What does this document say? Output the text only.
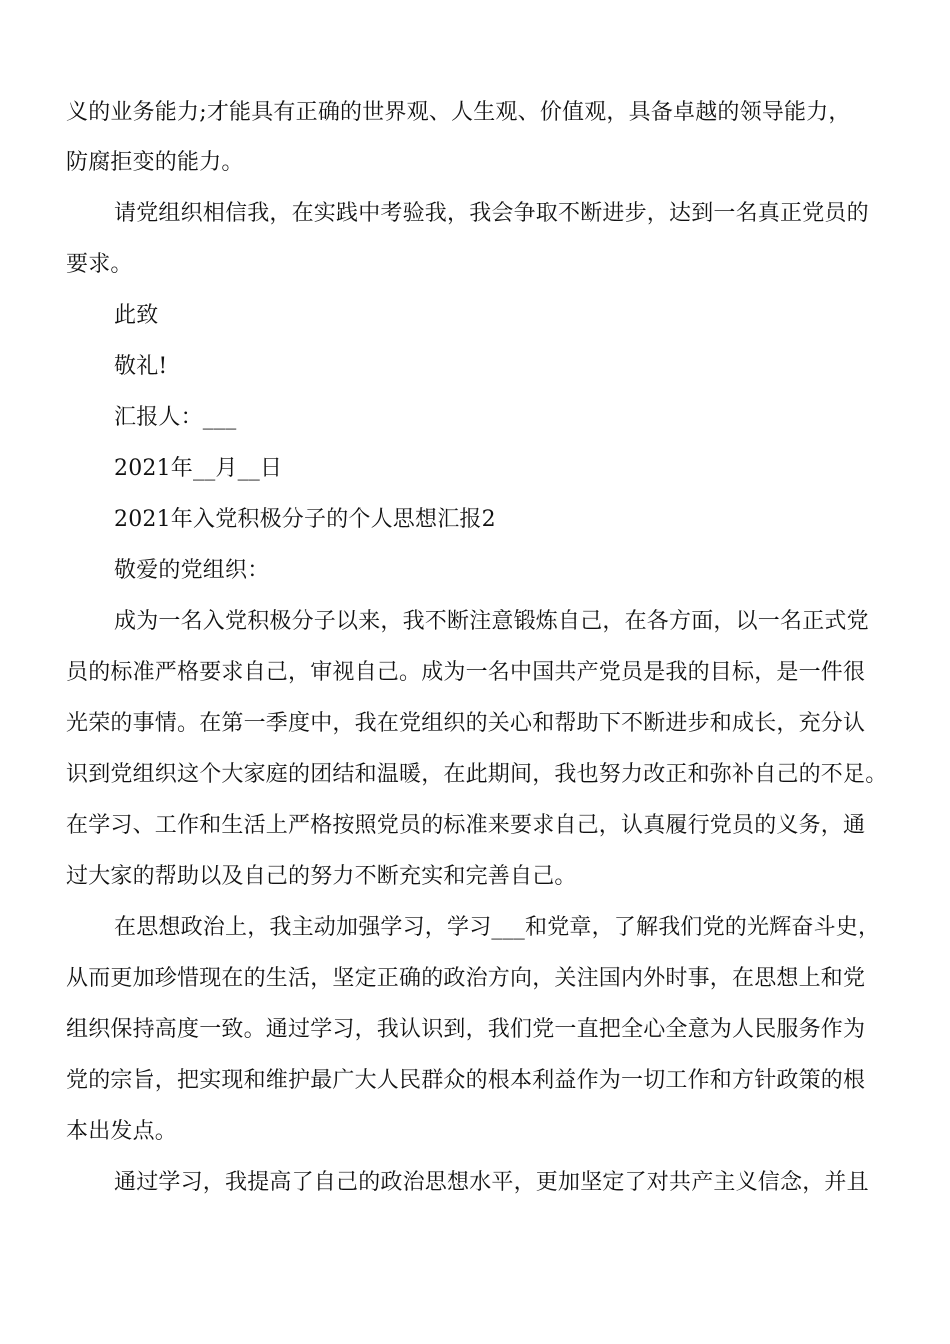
义的业务能力;才能具有正确的世界观、人生观、价值观，具备卓越的领导能力，
防腐拒变的能力。
请党组织相信我，在实践中考验我，我会争取不断进步，达到一名真正党员的
要求。
此致
敬礼!
汇报人：___
2021年__月__日
2021年入党积极分子的个人思想汇报2
敬爱的党组织：
成为一名入党积极分子以来，我不断注意锻炼自己，在各方面，以一名正式党
员的标准严格要求自己，审视自己。成为一名中国共产党员是我的目标，是一件很
光荣的事情。在第一季度中，我在党组织的关心和帮助下不断进步和成长，充分认
识到党组织这个大家庭的团结和温暖，在此期间，我也努力改正和弥补自己的不足。
在学习、工作和生活上严格按照党员的标准来要求自己，认真履行党员的义务，通
过大家的帮助以及自己的努力不断充实和完善自己。
在思想政治上，我主动加强学习，学习___和党章，了解我们党的光辉奋斗史，
从而更加珍惜现在的生活，坚定正确的政治方向，关注国内外时事，在思想上和党
组织保持高度一致。通过学习，我认识到，我们党一直把全心全意为人民服务作为
党的宗旨，把实现和维护最广大人民群众的根本利益作为一切工作和方针政策的根
本出发点。
通过学习，我提高了自己的政治思想水平，更加坚定了对共产主义信念，并且
